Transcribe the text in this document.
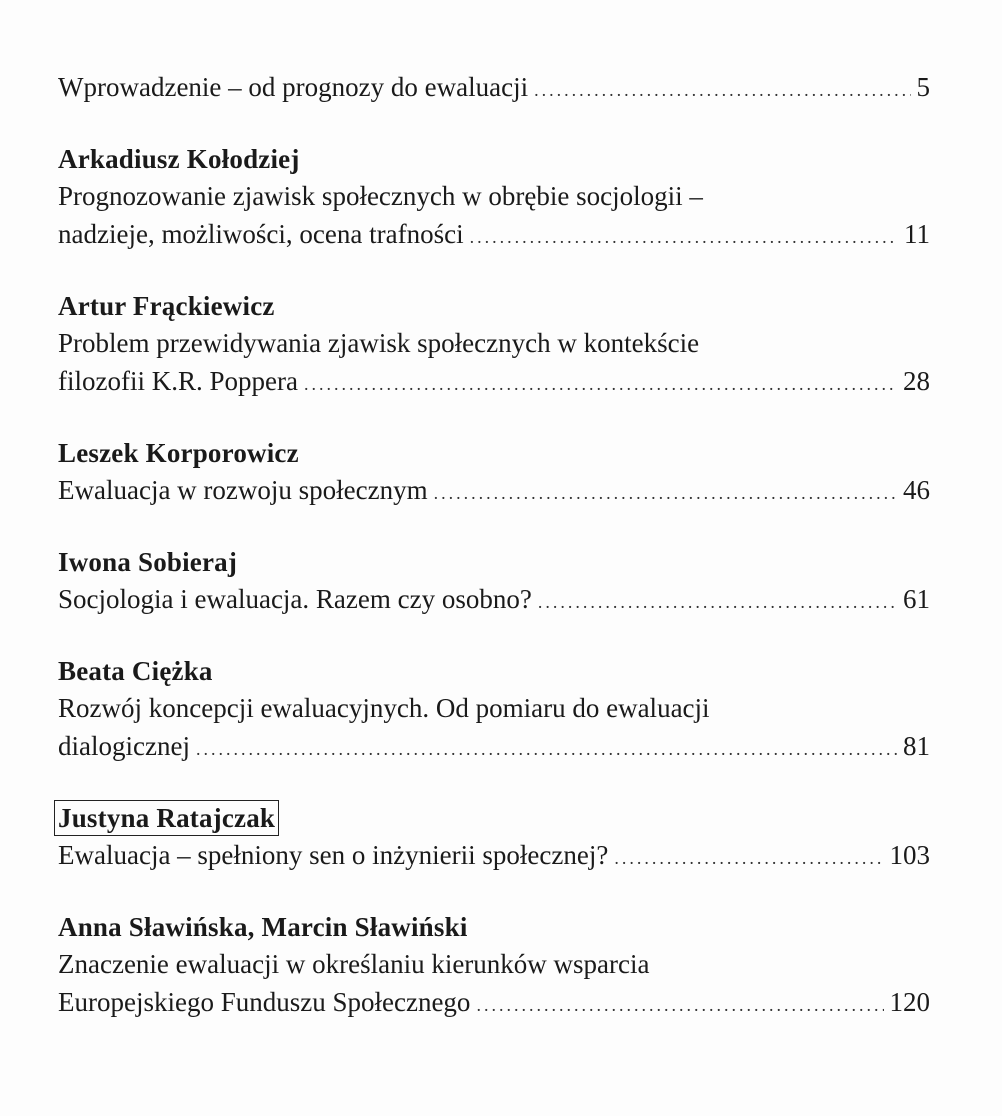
Wprowadzenie – od prognozy do ewaluacji .....	5
Arkadiusz Kołodziej
Prognozowanie zjawisk społecznych w obrębie socjologii –
nadzieje, możliwości, ocena trafności .....	11
Artur Frąckiewicz
Problem przewidywania zjawisk społecznych w kontekście
filozofii K.R. Poppera .....	28
Leszek Korporowicz
Ewaluacja w rozwoju społecznym .....	46
Iwona Sobieraj
Socjologia i ewaluacja. Razem czy osobno? .....	61
Beata Ciężka
Rozwój koncepcji ewaluacyjnych. Od pomiaru do ewaluacji
dialogicznej .....	81
Justyna Ratajczak
Ewaluacja – spełniony sen o inżynierii społecznej? .....	103
Anna Sławińska, Marcin Sławiński
Znaczenie ewaluacji w określaniu kierunków wsparcia
Europejskiego Funduszu Społecznego .....	120
